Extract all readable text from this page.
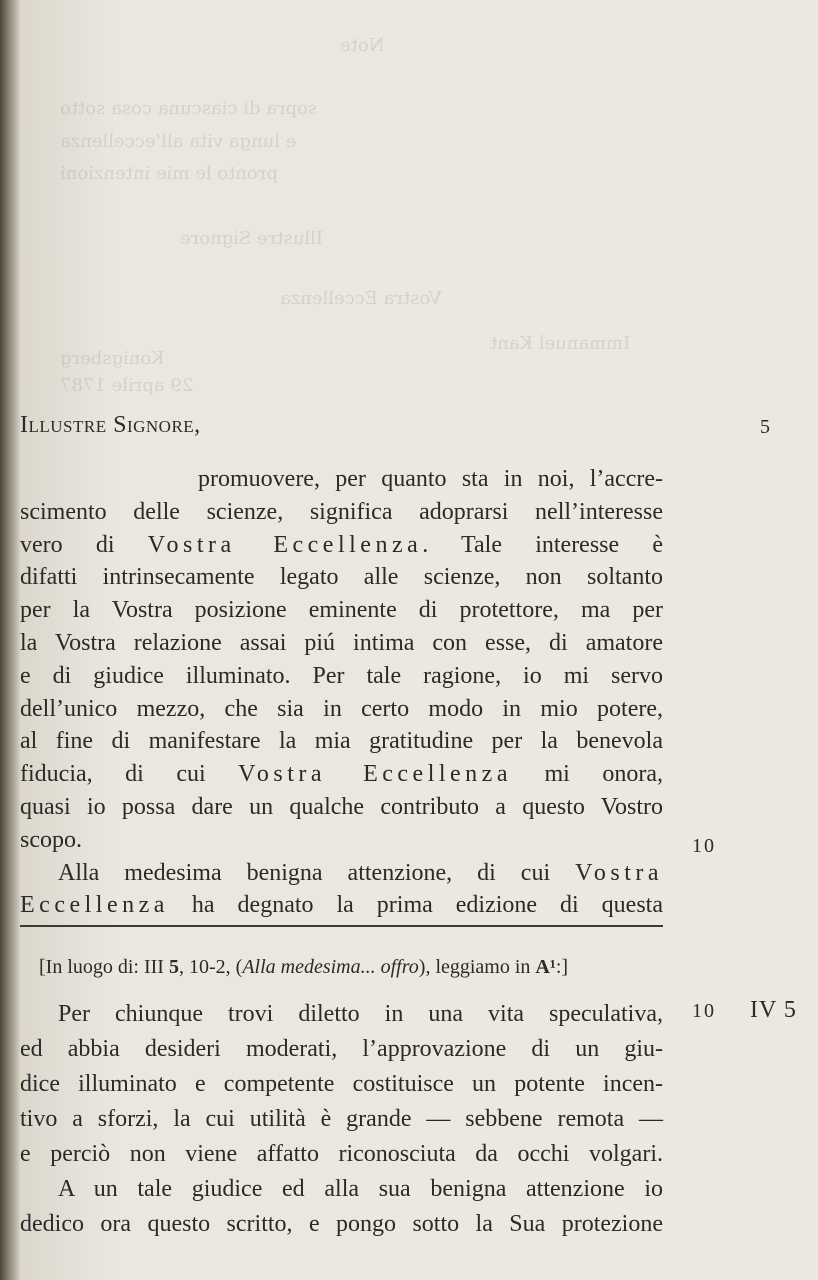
Note
sopra di ciascuna cosa sotto
e lunga vita all’eccellenza
pronto le mie intenzioni
Illustre Signore
Vostra Eccellenza
Immanuel Kant
Konigsberg
29 aprile 1787
Illustre Signore,	5
promuovere, per quanto sta in noi, l’accre-
scimento delle scienze, significa adoprarsi nell’interesse
vero di Vostra Eccellenza. Tale interesse è
difatti intrinsecamente legato alle scienze, non soltanto
per la Vostra posizione eminente di protettore, ma per
la Vostra relazione assai piú intima con esse, di amatore
e di giudice illuminato. Per tale ragione, io mi servo
dell’unico mezzo, che sia in certo modo in mio potere,
al fine di manifestare la mia gratitudine per la benevola
fiducia, di cui Vostra Eccellenza mi onora,
quasi io possa dare un qualche contributo a questo Vostro
scopo.
Alla medesima benigna attenzione, di cui Vostra
Eccellenza ha degnato la prima edizione di questa
10
[In luogo di: III 5, 10-2, (Alla medesima... offro), leggiamo in A¹:]
Per chiunque trovi diletto in una vita speculativa,
ed abbia desideri moderati, l’approvazione di un giu-
dice illuminato e competente costituisce un potente incen-
tivo a sforzi, la cui utilità è grande — sebbene remota —
e perciò non viene affatto riconosciuta da occhi volgari.
A un tale giudice ed alla sua benigna attenzione io
dedico ora questo scritto, e pongo sotto la Sua protezione
10 IV 5
